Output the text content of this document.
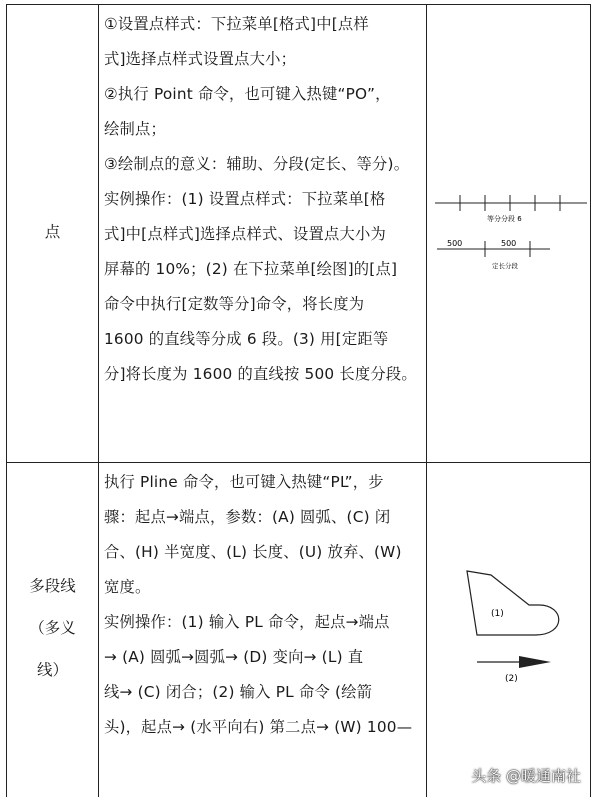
点

①设置点样式：下拉菜单[格式]中[点样

式]选择点样式设置点大小；

②执行 Point 命令，也可键入热键“PO”，

绘制点；

③绘制点的意义：辅助、分段(定长、等分)。

实例操作：(1) 设置点样式：下拉菜单[格

式]中[点样式]选择点样式、设置点大小为

屏幕的 10%；(2) 在下拉菜单[绘图]的[点]

命令中执行[定数等分]命令，将长度为

1600 的直线等分成 6 段。(3) 用[定距等

分]将长度为 1600 的直线按 500 长度分段。

等分分段 6
500	500
定长分段
多段线
（多义
线）

执行 Pline 命令，也可键入热键“PL”，步

骤：起点→端点，参数：(A) 圆弧、(C) 闭

合、(H) 半宽度、(L) 长度、(U) 放弃、(W)

宽度。

实例操作：(1) 输入 PL 命令，起点→端点

→ (A) 圆弧→圆弧→ (D) 变向→ (L) 直

线→ (C) 闭合；(2) 输入 PL 命令 (绘箭

头)，起点→ (水平向右) 第二点→ (W) 100—

(1)
(2)
头条 @暖通南社
